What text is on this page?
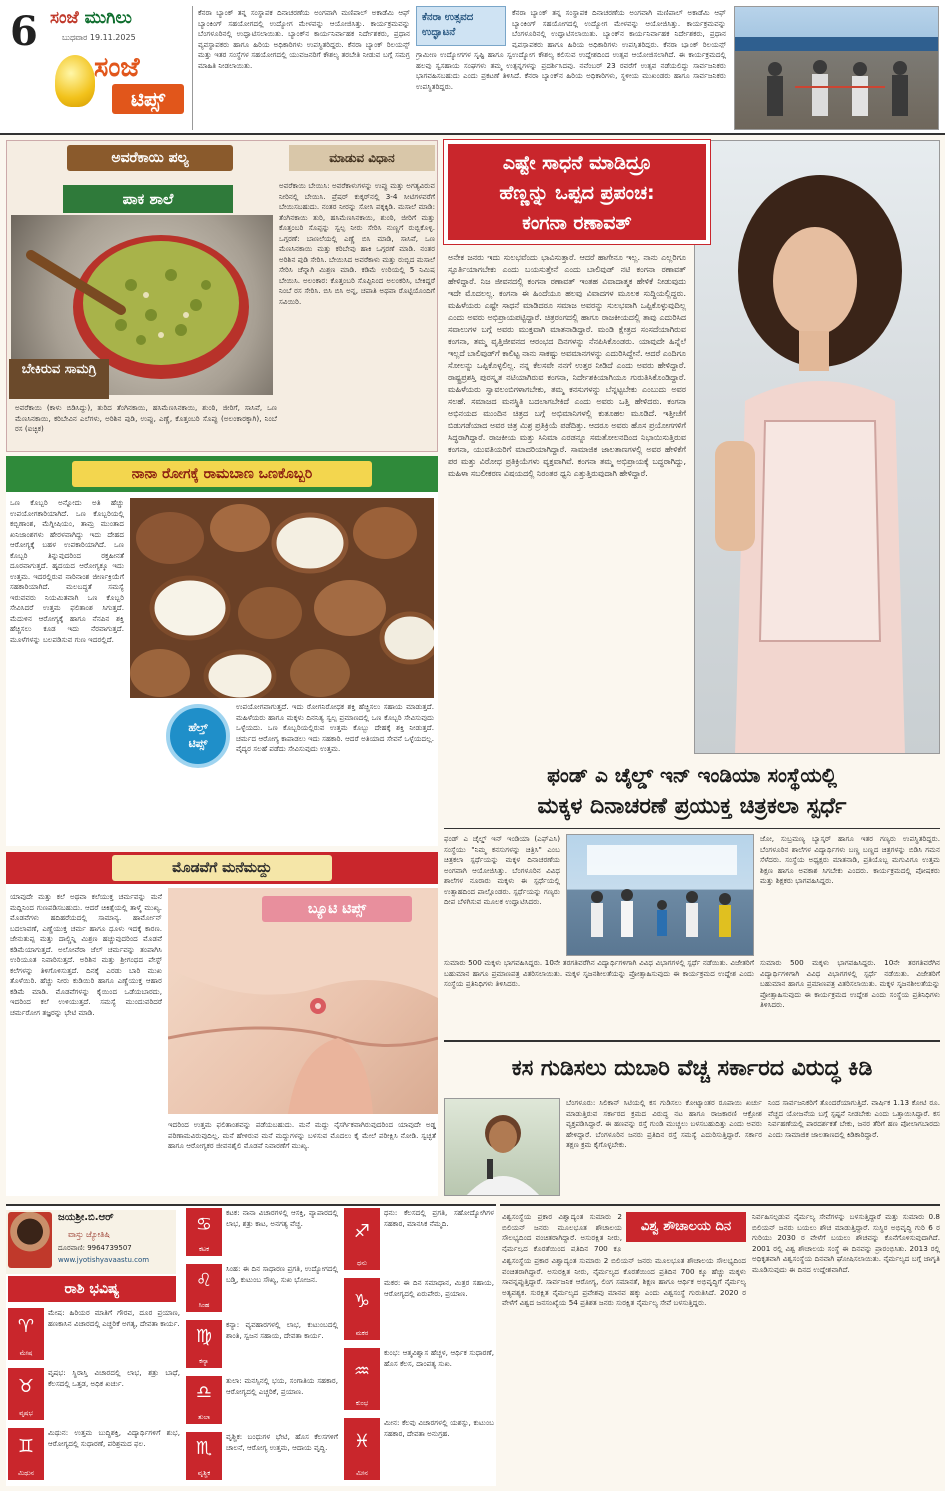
6 ಸಂಜೆ ಮುಗಿಲು
ಬುಧವಾರ 19.11.2025
ಸಂಜೆ
ಟಿಪ್ಸ್
ಕೆನರಾ ಬ್ಯಾಂಕ್ ತನ್ನ ಸಂಸ್ಥಾಪಕ ದಿನಾಚರಣೆಯ ಅಂಗವಾಗಿ ಮಣಿಪಾಲ್ ಅಕಾಡೆಮಿ ಆಫ್ ಬ್ಯಾಂಕಿಂಗ್ ಸಹಯೋಗದಲ್ಲಿ ಉದ್ಯೋಗ ಮೇಳವನ್ನು ಆಯೋಜಿಸಿತ್ತು. ಕಾರ್ಯಕ್ರಮವನ್ನು ಬೆಂಗಳೂರಿನಲ್ಲಿ ಉದ್ಘಾಟಿಸಲಾಯಿತು. ಬ್ಯಾಂಕ್‌ನ ಕಾರ್ಯನಿರ್ವಾಹಕ ನಿರ್ದೇಶಕರು, ಪ್ರಧಾನ ವ್ಯವಸ್ಥಾಪಕರು ಹಾಗೂ ಹಿರಿಯ ಅಧಿಕಾರಿಗಳು ಉಪಸ್ಥಿತರಿದ್ದರು. ಕೆನರಾ ಬ್ಯಾಂಕ್ ರಿಲಯನ್ಸ್ ಮತ್ತು ಇತರ ಸಂಸ್ಥೆಗಳ ಸಹಯೋಗದಲ್ಲಿ ಯುವಜನರಿಗೆ ಕೌಶಲ್ಯ ತರಬೇತಿ ನೀಡುವ ಬಗ್ಗೆ ಸಮಗ್ರ ಮಾಹಿತಿ ನೀಡಲಾಯಿತು.
ಕೆನರಾ ಉತ್ಸವದ ಉದ್ಘಾಟನೆ
ಗ್ರಾಮೀಣ ಉದ್ಯೋಗಗಳ ಸೃಷ್ಟಿ ಹಾಗೂ ಸ್ವಉದ್ಯೋಗ ಕೌಶಲ್ಯ ಕಲಿಸುವ ಉದ್ದೇಶದಿಂದ ಉತ್ಸವ ಆಯೋಜಿಸಲಾಗಿದೆ. ಈ ಕಾರ್ಯಕ್ರಮದಲ್ಲಿ ಹಲವು ಸ್ವಸಹಾಯ ಸಂಘಗಳು ತಮ್ಮ ಉತ್ಪನ್ನಗಳನ್ನು ಪ್ರದರ್ಶಿಸಿದವು. ನವೆಂಬರ್ 23 ರವರೆಗೆ ಉತ್ಸವ ನಡೆಯಲಿದ್ದು ಸಾರ್ವಜನಿಕರು ಭಾಗವಹಿಸಬಹುದು ಎಂದು ಪ್ರಕಟಣೆ ತಿಳಿಸಿದೆ. ಕೆನರಾ ಬ್ಯಾಂಕ್‌ನ ಹಿರಿಯ ಅಧಿಕಾರಿಗಳು, ಸ್ಥಳೀಯ ಮುಖಂಡರು ಹಾಗೂ ಸಾರ್ವಜನಿಕರು ಉಪಸ್ಥಿತರಿದ್ದರು.
ಕೆನರಾ ಬ್ಯಾಂಕ್ ತನ್ನ ಸಂಸ್ಥಾಪಕ ದಿನಾಚರಣೆಯ ಅಂಗವಾಗಿ ಮಣಿಪಾಲ್ ಅಕಾಡೆಮಿ ಆಫ್ ಬ್ಯಾಂಕಿಂಗ್ ಸಹಯೋಗದಲ್ಲಿ ಉದ್ಯೋಗ ಮೇಳವನ್ನು ಆಯೋಜಿಸಿತ್ತು. ಕಾರ್ಯಕ್ರಮವನ್ನು ಬೆಂಗಳೂರಿನಲ್ಲಿ ಉದ್ಘಾಟಿಸಲಾಯಿತು. ಬ್ಯಾಂಕ್‌ನ ಕಾರ್ಯನಿರ್ವಾಹಕ ನಿರ್ದೇಶಕರು, ಪ್ರಧಾನ ವ್ಯವಸ್ಥಾಪಕರು ಹಾಗೂ ಹಿರಿಯ ಅಧಿಕಾರಿಗಳು ಉಪಸ್ಥಿತರಿದ್ದರು. ಕೆನರಾ ಬ್ಯಾಂಕ್ ರಿಲಯನ್ಸ್
ಅವರೆಕಾಯಿ ಪಲ್ಯ	ಮಾಡುವ ವಿಧಾನ
ಪಾಕ ಶಾಲೆ
ಬೇಕಿರುವ ಸಾಮಗ್ರಿ
ಅವರೆಕಾಯಿ (ಕಾಳು ಬಿಡಿಸಿದ್ದು), ತುರಿದ ತೆಂಗಿನಕಾಯಿ, ಹಸಿಮೆಣಸಿನಕಾಯಿ, ಶುಂಠಿ, ಜೀರಿಗೆ, ಸಾಸಿವೆ, ಒಣ ಮೆಣಸಿನಕಾಯಿ, ಕರಿಬೇವಿನ ಎಲೆಗಳು, ಅರಿಶಿನ ಪುಡಿ, ಉಪ್ಪು, ಎಣ್ಣೆ, ಕೊತ್ತಂಬರಿ ಸೊಪ್ಪು (ಅಲಂಕಾರಕ್ಕಾಗಿ), ನಿಂಬೆ ರಸ (ಐಚ್ಛಿಕ)
ಅವರೆಕಾಯಿ ಬೇಯಿಸಿ: ಅವರೆಕಾಳುಗಳನ್ನು ಉಪ್ಪು ಮತ್ತು ಅಗತ್ಯವಿರುವ ನೀರಿನಲ್ಲಿ ಬೇಯಿಸಿ. ಪ್ರೆಷರ್ ಕುಕ್ಕರ್‌ನಲ್ಲಿ 3-4 ಸೀಟಿಗಳವರೆಗೆ ಬೇಯಿಸಬಹುದು. ನಂತರ ನೀರನ್ನು ಸೋಸಿ ಪಕ್ಕಕ್ಕಿಡಿ. ಮಸಾಲೆ ಮಾಡಿ: ತೆಂಗಿನಕಾಯಿ ತುರಿ, ಹಸಿಮೆಣಸಿನಕಾಯಿ, ಶುಂಠಿ, ಜೀರಿಗೆ ಮತ್ತು ಕೊತ್ತಂಬರಿ ಸೊಪ್ಪನ್ನು ಸ್ವಲ್ಪ ನೀರು ಸೇರಿಸಿ ನುಣ್ಣಗೆ ರುಬ್ಬಿಕೊಳ್ಳಿ. ಒಗ್ಗರಣೆ: ಬಾಣಲೆಯಲ್ಲಿ ಎಣ್ಣೆ ಬಿಸಿ ಮಾಡಿ, ಸಾಸಿವೆ, ಒಣ ಮೆಣಸಿನಕಾಯಿ ಮತ್ತು ಕರಿಬೇವು ಹಾಕಿ ಒಗ್ಗರಣೆ ಮಾಡಿ. ನಂತರ ಅರಿಶಿನ ಪುಡಿ ಸೇರಿಸಿ. ಬೇಯಿಸಿದ ಅವರೆಕಾಳು ಮತ್ತು ರುಬ್ಬಿದ ಮಸಾಲೆ ಸೇರಿಸಿ ಚೆನ್ನಾಗಿ ಮಿಶ್ರಣ ಮಾಡಿ. ಕಡಿಮೆ ಉರಿಯಲ್ಲಿ 5 ನಿಮಿಷ ಬೇಯಿಸಿ. ಅಲಂಕಾರ: ಕೊತ್ತಂಬರಿ ಸೊಪ್ಪಿನಿಂದ ಅಲಂಕರಿಸಿ, ಬೇಕಿದ್ದರೆ ನಿಂಬೆ ರಸ ಸೇರಿಸಿ. ಬಿಸಿ ಬಿಸಿ ಅನ್ನ, ಚಪಾತಿ ಅಥವಾ ರೊಟ್ಟಿಯೊಂದಿಗೆ ಸವಿಯಿರಿ.
ನಾನಾ ರೋಗಕ್ಕೆ ರಾಮಬಾಣ ಒಣಕೊಬ್ಬರಿ
ಒಣ ಕೊಬ್ಬರಿ ಅನ್ನೋದು ಅತಿ ಹೆಚ್ಚು ಉಪಯೋಗಕಾರಿಯಾಗಿದೆ. ಒಣ ಕೊಬ್ಬರಿಯಲ್ಲಿ ಕಬ್ಬಿಣಾಂಶ, ಮೆಗ್ನೀಷಿಯಂ, ತಾಮ್ರ ಮುಂತಾದ ಖನಿಜಾಂಶಗಳು ಹೇರಳವಾಗಿದ್ದು ಇದು ದೇಹದ ಆರೋಗ್ಯಕ್ಕೆ ಬಹಳ ಉಪಕಾರಿಯಾಗಿದೆ. ಒಣ ಕೊಬ್ಬರಿ ತಿನ್ನುವುದರಿಂದ ರಕ್ತಹೀನತೆ ದೂರವಾಗುತ್ತದೆ. ಹೃದಯದ ಆರೋಗ್ಯಕ್ಕೂ ಇದು ಉತ್ತಮ. ಇದರಲ್ಲಿರುವ ನಾರಿನಾಂಶ ಜೀರ್ಣಕ್ರಿಯೆಗೆ ಸಹಕಾರಿಯಾಗಿದೆ. ಮಲಬದ್ಧತೆ ಸಮಸ್ಯೆ ಇರುವವರು ನಿಯಮಿತವಾಗಿ ಒಣ ಕೊಬ್ಬರಿ ಸೇವಿಸಿದರೆ ಉತ್ತಮ ಫಲಿತಾಂಶ ಸಿಗುತ್ತದೆ. ಮೆದುಳಿನ ಆರೋಗ್ಯಕ್ಕೆ ಹಾಗೂ ನೆನಪಿನ ಶಕ್ತಿ ಹೆಚ್ಚಿಸಲು ಕೂಡ ಇದು ನೆರವಾಗುತ್ತದೆ. ಮೂಳೆಗಳನ್ನು ಬಲಪಡಿಸುವ ಗುಣ ಇದರಲ್ಲಿದೆ.
ಉಪಯೋಗವಾಗುತ್ತದೆ. ಇದು ರೋಗನಿರೋಧಕ ಶಕ್ತಿ ಹೆಚ್ಚಿಸಲು ಸಹಾಯ ಮಾಡುತ್ತದೆ. ಮಹಿಳೆಯರು ಹಾಗೂ ಮಕ್ಕಳು ದಿನನಿತ್ಯ ಸ್ವಲ್ಪ ಪ್ರಮಾಣದಲ್ಲಿ ಒಣ ಕೊಬ್ಬರಿ ಸೇವಿಸುವುದು ಒಳ್ಳೆಯದು. ಒಣ ಕೊಬ್ಬರಿಯಲ್ಲಿರುವ ಉತ್ತಮ ಕೊಬ್ಬು ದೇಹಕ್ಕೆ ಶಕ್ತಿ ನೀಡುತ್ತದೆ. ಚರ್ಮದ ಆರೋಗ್ಯ ಕಾಪಾಡಲು ಇದು ಸಹಕಾರಿ. ಆದರೆ ಅತಿಯಾದ ಸೇವನೆ ಒಳ್ಳೆಯದಲ್ಲ. ವೈದ್ಯರ ಸಲಹೆ ಪಡೆದು ಸೇವಿಸುವುದು ಉತ್ತಮ.
ಹೆಲ್ತ್
ಟಿಪ್ಸ್
ಎಷ್ಟೇ ಸಾಧನೆ ಮಾಡಿದ್ರೂ
ಹೆಣ್ಣನ್ನು ಒಪ್ಪದ ಪ್ರಪಂಚ:
ಕಂಗನಾ ರಣಾವತ್
ಅನೇಕ ಜನರು ಇದು ಸುಲಭವೆಂದು ಭಾವಿಸುತ್ತಾರೆ. ಆದರೆ ಹಾಗೇನೂ ಇಲ್ಲ. ನಾನು ಎಲ್ಲರಿಗೂ ಸ್ಫೂರ್ತಿಯಾಗಬೇಕು ಎಂದು ಬಯಸುತ್ತೇನೆ ಎಂದು ಬಾಲಿವುಡ್ ನಟಿ ಕಂಗನಾ ರಣಾವತ್ ಹೇಳಿದ್ದಾರೆ. ನಿಜ ಜೀವನದಲ್ಲಿ ಕಂಗನಾ ರಣಾವತ್ ಇಂತಹ ವಿವಾದಾತ್ಮಕ ಹೇಳಿಕೆ ನೀಡುವುದು ಇದೇ ಮೊದಲಲ್ಲ. ಕಂಗನಾ ಈ ಹಿಂದೆಯೂ ಹಲವು ವಿವಾದಗಳ ಮೂಲಕ ಸುದ್ದಿಯಲ್ಲಿದ್ದರು. ಮಹಿಳೆಯರು ಎಷ್ಟೇ ಸಾಧನೆ ಮಾಡಿದರೂ ಸಮಾಜ ಅವರನ್ನು ಸುಲಭವಾಗಿ ಒಪ್ಪಿಕೊಳ್ಳುವುದಿಲ್ಲ ಎಂದು ಅವರು ಅಭಿಪ್ರಾಯಪಟ್ಟಿದ್ದಾರೆ. ಚಿತ್ರರಂಗದಲ್ಲಿ ಹಾಗೂ ರಾಜಕೀಯದಲ್ಲಿ ತಾವು ಎದುರಿಸಿದ ಸವಾಲುಗಳ ಬಗ್ಗೆ ಅವರು ಮುಕ್ತವಾಗಿ ಮಾತನಾಡಿದ್ದಾರೆ. ಮಂಡಿ ಕ್ಷೇತ್ರದ ಸಂಸದೆಯಾಗಿರುವ ಕಂಗನಾ, ತಮ್ಮ ವೃತ್ತಿಜೀವನದ ಆರಂಭದ ದಿನಗಳನ್ನು ನೆನಪಿಸಿಕೊಂಡರು. ಯಾವುದೇ ಹಿನ್ನೆಲೆ ಇಲ್ಲದೆ ಬಾಲಿವುಡ್‌ಗೆ ಕಾಲಿಟ್ಟ ನಾನು ಸಾಕಷ್ಟು ಅವಮಾನಗಳನ್ನು ಎದುರಿಸಿದ್ದೇನೆ. ಆದರೆ ಎಂದಿಗೂ ಸೋಲನ್ನು ಒಪ್ಪಿಕೊಳ್ಳಲಿಲ್ಲ. ನನ್ನ ಕೆಲಸವೇ ನನಗೆ ಉತ್ತರ ನೀಡಿದೆ ಎಂದು ಅವರು ಹೇಳಿದ್ದಾರೆ. ರಾಷ್ಟ್ರಪ್ರಶಸ್ತಿ ಪುರಸ್ಕೃತ ನಟಿಯಾಗಿರುವ ಕಂಗನಾ, ನಿರ್ದೇಶಕಿಯಾಗಿಯೂ ಗುರುತಿಸಿಕೊಂಡಿದ್ದಾರೆ. ಮಹಿಳೆಯರು ಸ್ವಾವಲಂಬಿಗಳಾಗಬೇಕು, ತಮ್ಮ ಕನಸುಗಳನ್ನು ಬೆನ್ನಟ್ಟಬೇಕು ಎಂಬುದು ಅವರ ಸಲಹೆ. ಸಮಾಜದ ಮನಸ್ಥಿತಿ ಬದಲಾಗಬೇಕಿದೆ ಎಂದು ಅವರು ಒತ್ತಿ ಹೇಳಿದರು. ಕಂಗನಾ ಅಭಿನಯದ ಮುಂದಿನ ಚಿತ್ರದ ಬಗ್ಗೆ ಅಭಿಮಾನಿಗಳಲ್ಲಿ ಕುತೂಹಲ ಮೂಡಿದೆ. ಇತ್ತೀಚೆಗೆ ಬಿಡುಗಡೆಯಾದ ಅವರ ಚಿತ್ರ ಮಿಶ್ರ ಪ್ರತಿಕ್ರಿಯೆ ಪಡೆದಿತ್ತು. ಆದರೂ ಅವರು ಹೊಸ ಪ್ರಯೋಗಗಳಿಗೆ ಸಿದ್ಧರಾಗಿದ್ದಾರೆ. ರಾಜಕೀಯ ಮತ್ತು ಸಿನಿಮಾ ಎರಡನ್ನೂ ಸಮತೋಲನದಿಂದ ನಿಭಾಯಿಸುತ್ತಿರುವ ಕಂಗನಾ, ಯುವತಿಯರಿಗೆ ಮಾದರಿಯಾಗಿದ್ದಾರೆ. ಸಾಮಾಜಿಕ ಜಾಲತಾಣಗಳಲ್ಲಿ ಅವರ ಹೇಳಿಕೆಗೆ ಪರ ಮತ್ತು ವಿರೋಧ ಪ್ರತಿಕ್ರಿಯೆಗಳು ವ್ಯಕ್ತವಾಗಿವೆ. ಕಂಗನಾ ತಮ್ಮ ಅಭಿಪ್ರಾಯಕ್ಕೆ ಬದ್ಧರಾಗಿದ್ದು, ಮಹಿಳಾ ಸಬಲೀಕರಣ ವಿಷಯದಲ್ಲಿ ನಿರಂತರ ಧ್ವನಿ ಎತ್ತುತ್ತಿರುವುದಾಗಿ ಹೇಳಿದ್ದಾರೆ.
ಫಂಡ್ ಎ ಚೈಲ್ಡ್ ಇನ್ ಇಂಡಿಯಾ ಸಂಸ್ಥೆಯಲ್ಲಿ
ಮಕ್ಕಳ ದಿನಾಚರಣೆ ಪ್ರಯುಕ್ತ ಚಿತ್ರಕಲಾ ಸ್ಪರ್ಧೆ
ಫಂಡ್ ಎ ಚೈಲ್ಡ್ ಇನ್ ಇಂಡಿಯಾ (ಎಫ್‌ಎಸಿ) ಸಂಸ್ಥೆಯು "ನಿಮ್ಮ ಕನಸುಗಳನ್ನು ಚಿತ್ರಿಸಿ" ಎಂಬ ಚಿತ್ರಕಲಾ ಸ್ಪರ್ಧೆಯನ್ನು ಮಕ್ಕಳ ದಿನಾಚರಣೆಯ ಅಂಗವಾಗಿ ಆಯೋಜಿಸಿತ್ತು. ಬೆಂಗಳೂರಿನ ವಿವಿಧ ಶಾಲೆಗಳ ನೂರಾರು ಮಕ್ಕಳು ಈ ಸ್ಪರ್ಧೆಯಲ್ಲಿ ಉತ್ಸಾಹದಿಂದ ಪಾಲ್ಗೊಂಡರು. ಸ್ಪರ್ಧೆಯನ್ನು ಗಣ್ಯರು ದೀಪ ಬೆಳಗಿಸುವ ಮೂಲಕ ಉದ್ಘಾಟಿಸಿದರು.
ಜೋ, ಸುಬ್ರಮಣ್ಯ ಬ್ಯಾಸ್ಕರ್ ಹಾಗೂ ಇತರ ಗಣ್ಯರು ಉಪಸ್ಥಿತರಿದ್ದರು. ಬೆಂಗಳೂರಿನ ಶಾಲೆಗಳ ವಿದ್ಯಾರ್ಥಿಗಳು ಬಣ್ಣ ಬಣ್ಣದ ಚಿತ್ರಗಳನ್ನು ಬಿಡಿಸಿ ಗಮನ ಸೆಳೆದರು. ಸಂಸ್ಥೆಯ ಅಧ್ಯಕ್ಷರು ಮಾತನಾಡಿ, ಪ್ರತಿಯೊಬ್ಬ ಮಗುವಿಗೂ ಉತ್ತಮ ಶಿಕ್ಷಣ ಹಾಗೂ ಅವಕಾಶ ಸಿಗಬೇಕು ಎಂದರು. ಕಾರ್ಯಕ್ರಮದಲ್ಲಿ ಪೋಷಕರು ಮತ್ತು ಶಿಕ್ಷಕರು ಭಾಗವಹಿಸಿದ್ದರು.
ಸುಮಾರು 500 ಮಕ್ಕಳು ಭಾಗವಹಿಸಿದ್ದರು. 10ನೇ ತರಗತಿವರೆಗಿನ ವಿದ್ಯಾರ್ಥಿಗಳಿಗಾಗಿ ವಿವಿಧ ವಿಭಾಗಗಳಲ್ಲಿ ಸ್ಪರ್ಧೆ ನಡೆಯಿತು. ವಿಜೇತರಿಗೆ ಬಹುಮಾನ ಹಾಗೂ ಪ್ರಮಾಣಪತ್ರ ವಿತರಿಸಲಾಯಿತು. ಮಕ್ಕಳ ಸೃಜನಶೀಲತೆಯನ್ನು ಪ್ರೋತ್ಸಾಹಿಸುವುದು ಈ ಕಾರ್ಯಕ್ರಮದ ಉದ್ದೇಶ ಎಂದು ಸಂಸ್ಥೆಯ ಪ್ರತಿನಿಧಿಗಳು ತಿಳಿಸಿದರು.
ಸುಮಾರು 500 ಮಕ್ಕಳು ಭಾಗವಹಿಸಿದ್ದರು. 10ನೇ ತರಗತಿವರೆಗಿನ ವಿದ್ಯಾರ್ಥಿಗಳಿಗಾಗಿ ವಿವಿಧ ವಿಭಾಗಗಳಲ್ಲಿ ಸ್ಪರ್ಧೆ ನಡೆಯಿತು. ವಿಜೇತರಿಗೆ ಬಹುಮಾನ ಹಾಗೂ ಪ್ರಮಾಣಪತ್ರ ವಿತರಿಸಲಾಯಿತು. ಮಕ್ಕಳ ಸೃಜನಶೀಲತೆಯನ್ನು ಪ್ರೋತ್ಸಾಹಿಸುವುದು ಈ ಕಾರ್ಯಕ್ರಮದ ಉದ್ದೇಶ ಎಂದು ಸಂಸ್ಥೆಯ ಪ್ರತಿನಿಧಿಗಳು ತಿಳಿಸಿದರು.
ಮೊಡವೆಗೆ ಮನೆಮದ್ದು
ಯಾವುದೇ ಮತ್ತು ಕಲೆ ಅಥವಾ ಕಲೆಯುಕ್ತ ಚರ್ಮವನ್ನು ಮನೆ ಮದ್ದಿನಿಂದ ಗುಣಪಡಿಸಬಹುದು. ಆದರೆ ಚಿಕಿತ್ಸೆಯಲ್ಲಿ ತಾಳ್ಮೆ ಮುಖ್ಯ. ಮೊಡವೆಗಳು ಹದಿಹರೆಯದಲ್ಲಿ ಸಾಮಾನ್ಯ. ಹಾರ್ಮೋನ್ ಬದಲಾವಣೆ, ಎಣ್ಣೆಯುಕ್ತ ಚರ್ಮ ಹಾಗೂ ಧೂಳು ಇದಕ್ಕೆ ಕಾರಣ. ಜೇನುತುಪ್ಪ ಮತ್ತು ದಾಲ್ಚಿನ್ನಿ ಮಿಶ್ರಣ ಹಚ್ಚುವುದರಿಂದ ಮೊಡವೆ ಕಡಿಮೆಯಾಗುತ್ತದೆ. ಅಲೋವೆರಾ ಜೆಲ್ ಚರ್ಮವನ್ನು ತಂಪಾಗಿಸಿ ಉರಿಯೂತ ನಿವಾರಿಸುತ್ತದೆ. ಅರಿಶಿನ ಮತ್ತು ಶ್ರೀಗಂಧದ ಪೇಸ್ಟ್ ಕಲೆಗಳನ್ನು ತಿಳಿಗೊಳಿಸುತ್ತದೆ. ದಿನಕ್ಕೆ ಎರಡು ಬಾರಿ ಮುಖ ತೊಳೆಯಿರಿ. ಹೆಚ್ಚು ನೀರು ಕುಡಿಯಿರಿ ಹಾಗೂ ಎಣ್ಣೆಯುಕ್ತ ಆಹಾರ ಕಡಿಮೆ ಮಾಡಿ. ಮೊಡವೆಗಳನ್ನು ಕೈಯಿಂದ ಒಡೆಯಬಾರದು, ಇದರಿಂದ ಕಲೆ ಉಳಿಯುತ್ತದೆ. ಸಮಸ್ಯೆ ಮುಂದುವರಿದರೆ ಚರ್ಮರೋಗ ತಜ್ಞರನ್ನು ಭೇಟಿ ಮಾಡಿ.
ಬ್ಯೂಟಿ ಟಿಪ್ಸ್
ಇದರಿಂದ ಉತ್ತಮ ಫಲಿತಾಂಶವನ್ನು ಪಡೆಯಬಹುದು. ಮನೆ ಮದ್ದು ನೈಸರ್ಗಿಕವಾಗಿರುವುದರಿಂದ ಯಾವುದೇ ಅಡ್ಡ ಪರಿಣಾಮವಿರುವುದಿಲ್ಲ. ಮನೆ ಹೇಳಿರುವ ಮನೆ ಮದ್ದುಗಳನ್ನು ಬಳಸುವ ಮೊದಲು ಕೈ ಮೇಲೆ ಪರೀಕ್ಷಿಸಿ ನೋಡಿ. ಸ್ವಚ್ಛತೆ ಹಾಗೂ ಆರೋಗ್ಯಕರ ಜೀವನಶೈಲಿ ಮೊಡವೆ ನಿವಾರಣೆಗೆ ಮುಖ್ಯ.
ಕಸ ಗುಡಿಸಲು ದುಬಾರಿ ವೆಚ್ಚ ಸರ್ಕಾರದ ವಿರುದ್ಧ ಕಿಡಿ
ಬೆಂಗಳೂರು: ಸಿಲಿಕಾನ್ ಸಿಟಿಯಲ್ಲಿ ಕಸ ಗುಡಿಸಲು ಕೋಟ್ಯಾಂತರ ರೂಪಾಯಿ ಖರ್ಚು ಮಾಡುತ್ತಿರುವ ಸರ್ಕಾರದ ಕ್ರಮದ ವಿರುದ್ಧ ನಟ ಹಾಗೂ ರಾಜಕಾರಣಿ ಆಕ್ರೋಶ ವ್ಯಕ್ತಪಡಿಸಿದ್ದಾರೆ. ಈ ಹಣವನ್ನು ರಸ್ತೆ ಗುಂಡಿ ಮುಚ್ಚಲು ಬಳಸಬಹುದಿತ್ತು ಎಂದು ಅವರು ಹೇಳಿದ್ದಾರೆ. ಬೆಂಗಳೂರಿನ ಜನರು ಪ್ರತಿದಿನ ರಸ್ತೆ ಸಮಸ್ಯೆ ಎದುರಿಸುತ್ತಿದ್ದಾರೆ. ಸರ್ಕಾರ ತಕ್ಷಣ ಕ್ರಮ ಕೈಗೊಳ್ಳಬೇಕು.
ನಿಂದ ಸಾರ್ವಜನಿಕರಿಗೆ ತೊಂದರೆಯಾಗುತ್ತಿದೆ. ವಾರ್ಷಿಕ 1.13 ಕೋಟಿ ರೂ. ವೆಚ್ಚದ ಯೋಜನೆಯ ಬಗ್ಗೆ ಸ್ಪಷ್ಟನೆ ನೀಡಬೇಕು ಎಂದು ಒತ್ತಾಯಿಸಿದ್ದಾರೆ. ಕಸ ನಿರ್ವಹಣೆಯಲ್ಲಿ ಪಾರದರ್ಶಕತೆ ಬೇಕು, ಜನರ ತೆರಿಗೆ ಹಣ ಪೋಲಾಗಬಾರದು ಎಂದು ಸಾಮಾಜಿಕ ಜಾಲತಾಣದಲ್ಲಿ ಕಿಡಿಕಾರಿದ್ದಾರೆ.
ಜಯಶ್ರೀ.ಬಿ.ಆರ್
ವಾಸ್ತು ಜ್ಯೋತಿಷಿ
ದೂರವಾಣಿ: 9964739507
www.jyotishyavaastu.com
ರಾಶಿ ಭವಿಷ್ಯ
♈
ಮೇಷ
ಮೇಷ: ಹಿರಿಯರ ಮಾತಿಗೆ ಗೌರವ, ದೂರ ಪ್ರಯಾಣ, ಹಣಕಾಸಿನ ವಿಚಾರದಲ್ಲಿ ಎಚ್ಚರಿಕೆ ಅಗತ್ಯ, ದೇವತಾ ಕಾರ್ಯ.
♉
ವೃಷಭ
ವೃಷಭ: ಸ್ಥಿರಾಸ್ತಿ ವಿಚಾರದಲ್ಲಿ ಲಾಭ, ಶತ್ರು ಬಾಧೆ, ಕೆಲಸದಲ್ಲಿ ಒತ್ತಡ, ಅಧಿಕ ಖರ್ಚು.
♊
ಮಿಥುನ
ಮಿಥುನ: ಉತ್ತಮ ಬುದ್ಧಿಶಕ್ತಿ, ವಿದ್ಯಾರ್ಥಿಗಳಿಗೆ ಶುಭ, ಆರೋಗ್ಯದಲ್ಲಿ ಸುಧಾರಣೆ, ಪರಿಶ್ರಮದ ಫಲ.
♋
ಕಟಕ
ಕಟಕ: ನಾನಾ ವಿಚಾರಗಳಲ್ಲಿ ಆಸಕ್ತಿ, ವ್ಯಾಪಾರದಲ್ಲಿ ಲಾಭ, ಶತ್ರು ಕಾಟ, ಅನಗತ್ಯ ವೆಚ್ಚ.
♌
ಸಿಂಹ
ಸಿಂಹ: ಈ ದಿನ ಸಾಧಾರಣ ಪ್ರಗತಿ, ಉದ್ಯೋಗದಲ್ಲಿ ಬಡ್ತಿ, ಕುಟುಂಬ ಸೌಖ್ಯ, ಸುಖ ಭೋಜನ.
♍
ಕನ್ಯಾ
ಕನ್ಯಾ: ವ್ಯವಹಾರಗಳಲ್ಲಿ ಲಾಭ, ಕುಟುಂಬದಲ್ಲಿ ಶಾಂತಿ, ಸ್ವಜನ ಸಹಾಯ, ದೇವತಾ ಕಾರ್ಯ.
♎
ತುಲಾ
ತುಲಾ: ಮನಸ್ಸಿನಲ್ಲಿ ಭಯ, ಸಂಗಾತಿಯ ಸಹಕಾರ, ಆರೋಗ್ಯದಲ್ಲಿ ಎಚ್ಚರಿಕೆ, ಪ್ರಯಾಣ.
♏
ವೃಶ್ಚಿಕ
ವೃಶ್ಚಿಕ: ಬಂಧುಗಳ ಭೇಟಿ, ಹೊಸ ಕೆಲಸಗಳಿಗೆ ಚಾಲನೆ, ಆರೋಗ್ಯ ಉತ್ತಮ, ಆದಾಯ ವೃದ್ಧಿ.
♐
ಧನು
ಧನು: ಕೆಲಸದಲ್ಲಿ ಪ್ರಗತಿ, ಸಹೋದ್ಯೋಗಿಗಳ ಸಹಕಾರ, ಮಾನಸಿಕ ನೆಮ್ಮದಿ.
♑
ಮಕರ
ಮಕರ: ಈ ದಿನ ಸಮಾಧಾನ, ಮಿತ್ರರ ಸಹಾಯ, ಆರೋಗ್ಯದಲ್ಲಿ ಏರುಪೇರು, ಪ್ರಯಾಣ.
♒
ಕುಂಭ
ಕುಂಭ: ಆತ್ಮವಿಶ್ವಾಸ ಹೆಚ್ಚಳ, ಆರ್ಥಿಕ ಸುಧಾರಣೆ, ಹೊಸ ಕೆಲಸ, ದಾಂಪತ್ಯ ಸುಖ.
♓
ಮೀನ
ಮೀನ: ಕೆಲವು ವಿಚಾರಗಳಲ್ಲಿ ಯಶಸ್ಸು, ಕುಟುಂಬ ಸಹಕಾರ, ದೇವತಾ ಅನುಗ್ರಹ.
ವಿಶ್ವಸಂಸ್ಥೆಯ ಪ್ರಕಾರ ವಿಶ್ವಾದ್ಯಂತ ಸುಮಾರು 2 ಬಿಲಿಯನ್ ಜನರು ಮೂಲಭೂತ ಶೌಚಾಲಯ ಸೌಲಭ್ಯದಿಂದ ವಂಚಿತರಾಗಿದ್ದಾರೆ. ಅಸುರಕ್ಷಿತ ನೀರು, ನೈರ್ಮಲ್ಯದ ಕೊರತೆಯಿಂದ ಪ್ರತಿದಿನ 700 ಕ್ಕೂ
ವಿಶ್ವ ಶೌಚಾಲಯ ದಿನ
ವಿಶ್ವಸಂಸ್ಥೆಯ ಪ್ರಕಾರ ವಿಶ್ವಾದ್ಯಂತ ಸುಮಾರು 2 ಬಿಲಿಯನ್ ಜನರು ಮೂಲಭೂತ ಶೌಚಾಲಯ ಸೌಲಭ್ಯದಿಂದ ವಂಚಿತರಾಗಿದ್ದಾರೆ. ಅಸುರಕ್ಷಿತ ನೀರು, ನೈರ್ಮಲ್ಯದ ಕೊರತೆಯಿಂದ ಪ್ರತಿದಿನ 700 ಕ್ಕೂ ಹೆಚ್ಚು ಮಕ್ಕಳು ಸಾವನ್ನಪ್ಪುತ್ತಿದ್ದಾರೆ. ಸಾರ್ವಜನಿಕ ಆರೋಗ್ಯ, ಲಿಂಗ ಸಮಾನತೆ, ಶಿಕ್ಷಣ ಹಾಗೂ ಆರ್ಥಿಕ ಅಭಿವೃದ್ಧಿಗೆ ನೈರ್ಮಲ್ಯ ಅತ್ಯವಶ್ಯಕ. ಸುರಕ್ಷಿತ ನೈರ್ಮಲ್ಯದ ಪ್ರವೇಶವು ಮಾನವ ಹಕ್ಕು ಎಂದು ವಿಶ್ವಸಂಸ್ಥೆ ಗುರುತಿಸಿದೆ. 2020 ರ ವೇಳೆಗೆ ವಿಶ್ವದ ಜನಸಂಖ್ಯೆಯ 54 ಪ್ರತಿಶತ ಜನರು ಸುರಕ್ಷಿತ ನೈರ್ಮಲ್ಯ ಸೇವೆ ಬಳಸುತ್ತಿದ್ದರು.
ನಿರ್ವಹಿಸಲ್ಪಡುವ ನೈರ್ಮಲ್ಯ ಸೇವೆಗಳನ್ನು ಬಳಸುತ್ತಿದ್ದಾರೆ ಮತ್ತು ಸುಮಾರು 0.8 ಬಿಲಿಯನ್ ಜನರು ಬಯಲು ಶೌಚ ಮಾಡುತ್ತಿದ್ದಾರೆ. ಸುಸ್ಥಿರ ಅಭಿವೃದ್ಧಿ ಗುರಿ 6 ರ ಗುರಿಯು 2030 ರ ವೇಳೆಗೆ ಬಯಲು ಶೌಚವನ್ನು ಕೊನೆಗೊಳಿಸುವುದಾಗಿದೆ. 2001 ರಲ್ಲಿ ವಿಶ್ವ ಶೌಚಾಲಯ ಸಂಸ್ಥೆ ಈ ದಿನವನ್ನು ಪ್ರಾರಂಭಿಸಿತು. 2013 ರಲ್ಲಿ ಅಧಿಕೃತವಾಗಿ ವಿಶ್ವಸಂಸ್ಥೆಯ ದಿನವಾಗಿ ಘೋಷಿಸಲಾಯಿತು. ನೈರ್ಮಲ್ಯದ ಬಗ್ಗೆ ಜಾಗೃತಿ ಮೂಡಿಸುವುದು ಈ ದಿನದ ಉದ್ದೇಶವಾಗಿದೆ.
